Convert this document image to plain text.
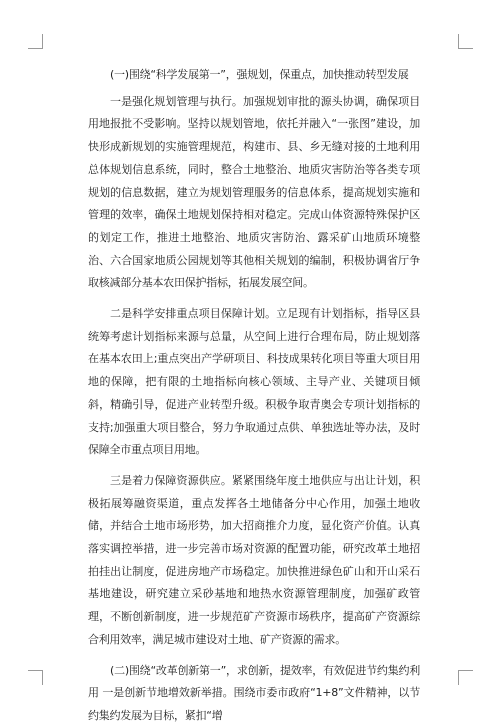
(一)围绕“科学发展第一”，强规划，保重点，加快推动转型发展

一是强化规划管理与执行。加强规划审批的源头协调，确保项目用地报批不受影响。坚持以规划管地，依托并融入“一张图”建设，加快形成新规划的实施管理规范，构建市、县、乡无缝对接的土地利用总体规划信息系统，同时，整合土地整治、地质灾害防治等各类专项规划的信息数据，建立为规划管理服务的信息体系，提高规划实施和管理的效率，确保土地规划保持相对稳定。完成山体资源特殊保护区的划定工作，推进土地整治、地质灾害防治、露采矿山地质环境整治、六合国家地质公园规划等其他相关规划的编制，积极协调省厅争取核减部分基本农田保护指标，拓展发展空间。

二是科学安排重点项目保障计划。立足现有计划指标，指导区县统筹考虑计划指标来源与总量，从空间上进行合理布局，防止规划落在基本农田上;重点突出产学研项目、科技成果转化项目等重大项目用地的保障，把有限的土地指标向核心领域、主导产业、关键项目倾斜，精确引导，促进产业转型升级。积极争取青奥会专项计划指标的支持;加强重大项目整合，努力争取通过点供、单独选址等办法，及时保障全市重点项目用地。

三是着力保障资源供应。紧紧围绕年度土地供应与出让计划，积极拓展筹融资渠道，重点发挥各土地储备分中心作用，加强土地收储，并结合土地市场形势，加大招商推介力度，显化资产价值。认真落实调控举措，进一步完善市场对资源的配置功能，研究改革土地招拍挂出让制度，促进房地产市场稳定。加快推进绿色矿山和开山采石基地建设，研究建立采砂基地和地热水资源管理制度，加强矿政管理，不断创新制度，进一步规范矿产资源市场秩序，提高矿产资源综合利用效率，满足城市建设对土地、矿产资源的需求。

(二)围绕“改革创新第一”，求创新，提效率，有效促进节约集约利用 一是创新节地增效新举措。围绕市委市政府“1+8”文件精神，以节约集约发展为目标，紧扣“增
